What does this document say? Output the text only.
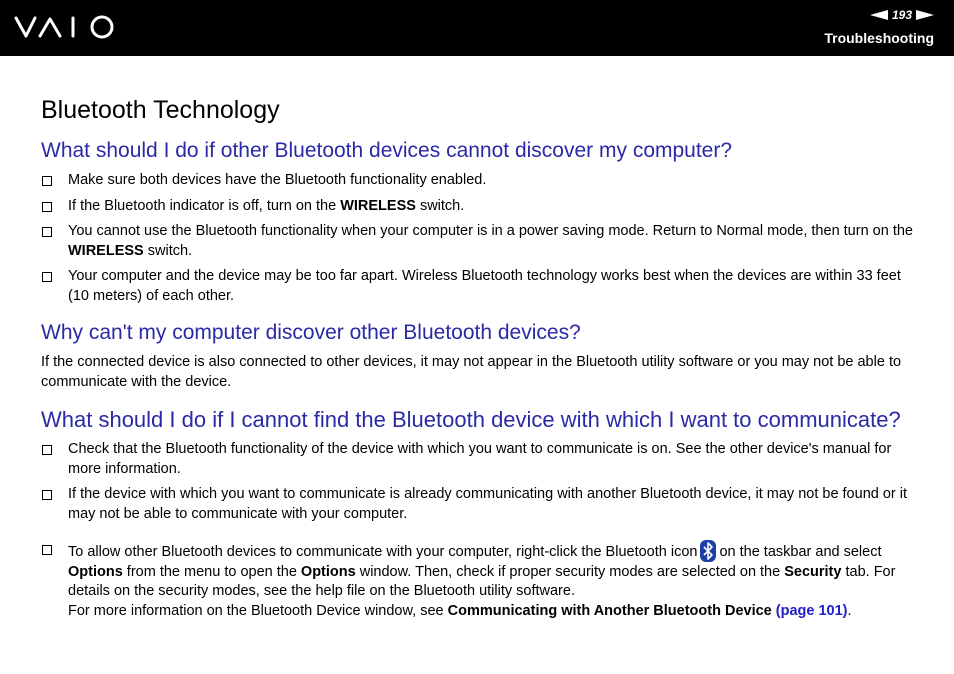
193
Troubleshooting
Bluetooth Technology
What should I do if other Bluetooth devices cannot discover my computer?
Make sure both devices have the Bluetooth functionality enabled.
If the Bluetooth indicator is off, turn on the WIRELESS switch.
You cannot use the Bluetooth functionality when your computer is in a power saving mode. Return to Normal mode, then turn on the WIRELESS switch.
Your computer and the device may be too far apart. Wireless Bluetooth technology works best when the devices are within 33 feet (10 meters) of each other.
Why can't my computer discover other Bluetooth devices?

If the connected device is also connected to other devices, it may not appear in the Bluetooth utility software or you may not be able to communicate with the device.

What should I do if I cannot find the Bluetooth device with which I want to communicate?
Check that the Bluetooth functionality of the device with which you want to communicate is on. See the other device's manual for more information.
If the device with which you want to communicate is already communicating with another Bluetooth device, it may not be found or it may not be able to communicate with your computer.
To allow other Bluetooth devices to communicate with your computer, right-click the Bluetooth icon on the taskbar and select Options from the menu to open the Options window. Then, check if proper security modes are selected on the Security tab. For details on the security modes, see the help file on the Bluetooth utility software.
For more information on the Bluetooth Device window, see Communicating with Another Bluetooth Device (page 101).
